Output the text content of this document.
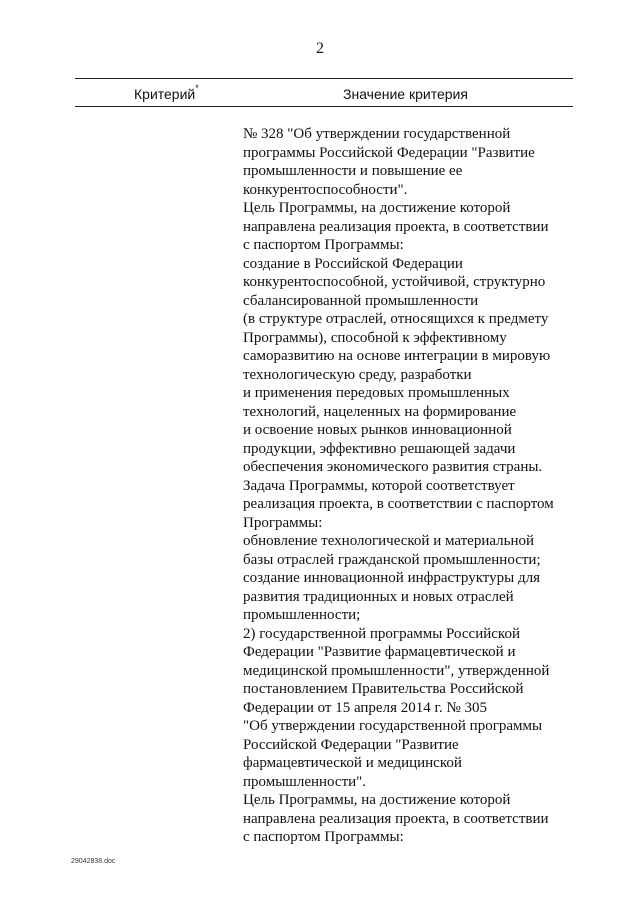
2
Критерий*	Значение критерия
№ 328 "Об утверждении государственной
программы Российской Федерации "Развитие
промышленности и повышение ее
конкурентоспособности".
Цель Программы, на достижение которой
направлена реализация проекта, в соответствии
с паспортом Программы:
создание в Российской Федерации
конкурентоспособной, устойчивой, структурно
сбалансированной промышленности
(в структуре отраслей, относящихся к предмету
Программы), способной к эффективному
саморазвитию на основе интеграции в мировую
технологическую среду, разработки
и применения передовых промышленных
технологий, нацеленных на формирование
и освоение новых рынков инновационной
продукции, эффективно решающей задачи
обеспечения экономического развития страны.
Задача Программы, которой соответствует
реализация проекта, в соответствии с паспортом
Программы:
обновление технологической и материальной
базы отраслей гражданской промышленности;
создание инновационной инфраструктуры для
развития традиционных и новых отраслей
промышленности;
2) государственной программы Российской
Федерации "Развитие фармацевтической и
медицинской промышленности", утвержденной
постановлением Правительства Российской
Федерации от 15 апреля 2014 г. № 305
"Об утверждении государственной программы
Российской Федерации "Развитие
фармацевтической и медицинской
промышленности".
Цель Программы, на достижение которой
направлена реализация проекта, в соответствии
с паспортом Программы:
29042838.doc
